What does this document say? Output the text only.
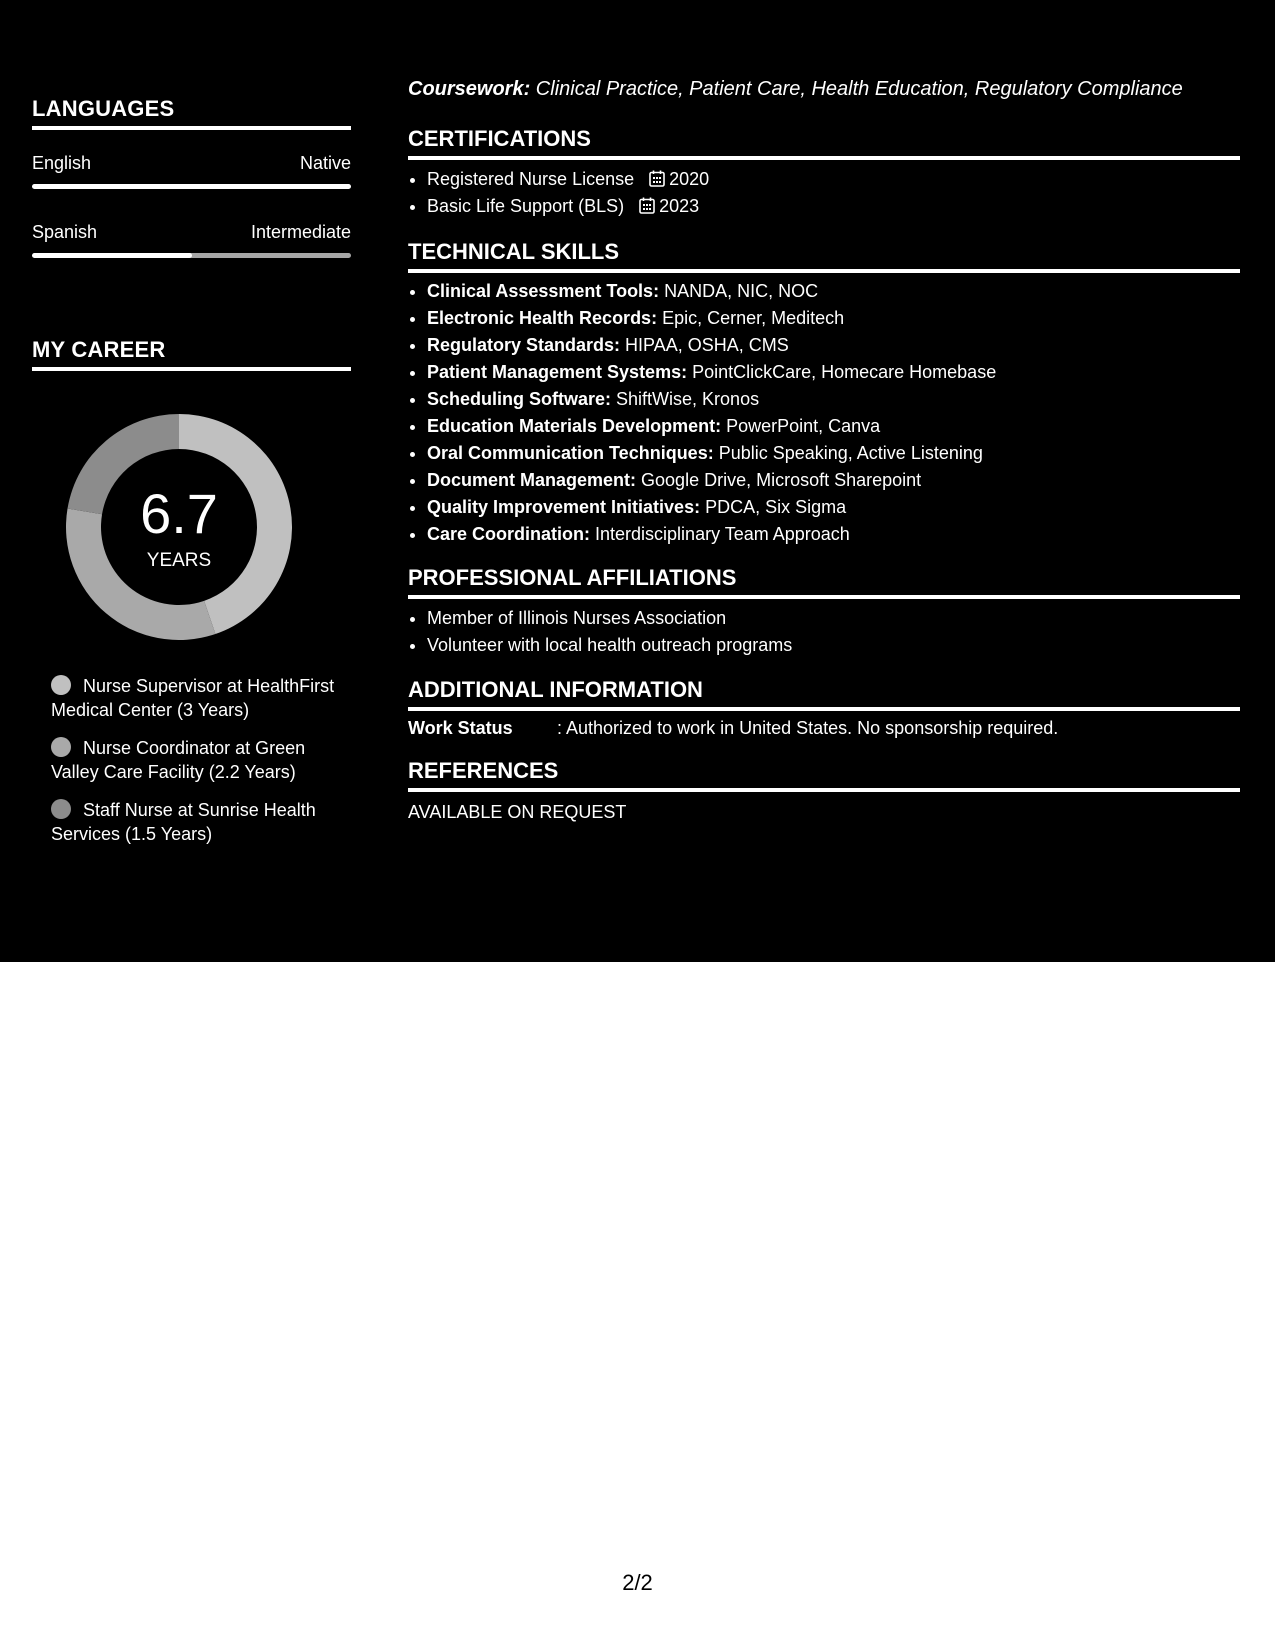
LANGUAGES
English	Native
Spanish	Intermediate
MY CAREER
6.7
YEARS
Nurse Supervisor at HealthFirst Medical Center (3 Years)
Nurse Coordinator at Green Valley Care Facility (2.2 Years)
Staff Nurse at Sunrise Health Services (1.5 Years)
Coursework: Clinical Practice, Patient Care, Health Education, Regulatory Compliance
CERTIFICATIONS
• Registered Nurse License 2020
• Basic Life Support (BLS) 2023
TECHNICAL SKILLS
• Clinical Assessment Tools: NANDA, NIC, NOC
• Electronic Health Records: Epic, Cerner, Meditech
• Regulatory Standards: HIPAA, OSHA, CMS
• Patient Management Systems: PointClickCare, Homecare Homebase
• Scheduling Software: ShiftWise, Kronos
• Education Materials Development: PowerPoint, Canva
• Oral Communication Techniques: Public Speaking, Active Listening
• Document Management: Google Drive, Microsoft Sharepoint
• Quality Improvement Initiatives: PDCA, Six Sigma
• Care Coordination: Interdisciplinary Team Approach
PROFESSIONAL AFFILIATIONS
• Member of Illinois Nurses Association
• Volunteer with local health outreach programs
ADDITIONAL INFORMATION
Work Status : Authorized to work in United States. No sponsorship required.
REFERENCES
AVAILABLE ON REQUEST
2/2
